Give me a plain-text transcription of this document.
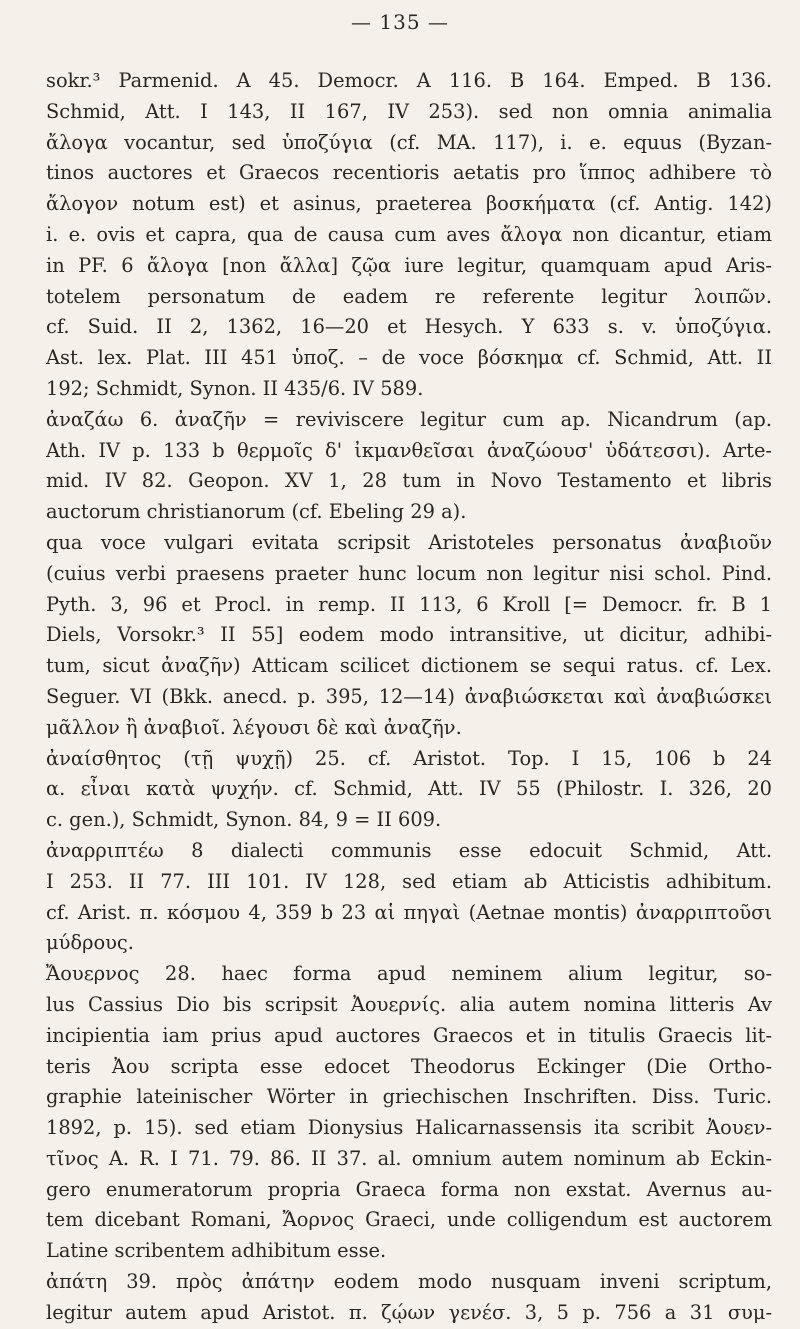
— 135 —
sokr.³ Parmenid. A 45. Democr. A 116. B 164. Emped. B 136.
Schmid, Att. I 143, II 167, IV 253). sed non omnia animalia
ἄλογα vocantur, sed ὑποζύγια (cf. MA. 117), i. e. equus (Byzan-
tinos auctores et Graecos recentioris aetatis pro ἵππος adhibere τὸ
ἄλογον notum est) et asinus, praeterea βοσκήματα (cf. Antig. 142)
i. e. ovis et capra, qua de causa cum aves ἄλογα non dicantur, etiam
in PF. 6 ἄλογα [non ἄλλα] ζῷα iure legitur, quamquam apud Aris-
totelem personatum de eadem re referente legitur λοιπῶν.
cf. Suid. II 2, 1362, 16—20 et Hesych. Y 633 s. v. ὑποζύγια.
Ast. lex. Plat. III 451 ὑποζ. – de voce βόσκημα cf. Schmid, Att. II
192; Schmidt, Synon. II 435/6. IV 589.
ἀναζάω 6. ἀναζῆν = reviviscere legitur cum ap. Nicandrum (ap.
Ath. IV p. 133 b θερμοῖς δ' ἰκμανθεῖσαι ἀναζώουσ' ὑδάτεσσι). Arte-
mid. IV 82. Geopon. XV 1, 28 tum in Novo Testamento et libris
auctorum christianorum (cf. Ebeling 29 a).
qua voce vulgari evitata scripsit Aristoteles personatus ἀναβιοῦν
(cuius verbi praesens praeter hunc locum non legitur nisi schol. Pind.
Pyth. 3, 96 et Procl. in remp. II 113, 6 Kroll [= Democr. fr. B 1
Diels, Vorsokr.³ II 55] eodem modo intransitive, ut dicitur, adhibi-
tum, sicut ἀναζῆν) Atticam scilicet dictionem se sequi ratus. cf. Lex.
Seguer. VI (Bkk. anecd. p. 395, 12—14) ἀναβιώσκεται καὶ ἀναβιώσκει
μᾶλλον ἢ ἀναβιοῖ. λέγουσι δὲ καὶ ἀναζῆν.
ἀναίσθητος (τῇ ψυχῇ) 25. cf. Aristot. Top. I 15, 106 b 24
α. εἶναι κατὰ ψυχήν. cf. Schmid, Att. IV 55 (Philostr. I. 326, 20
c. gen.), Schmidt, Synon. 84, 9 = II 609.
ἀναρριπτέω 8 dialecti communis esse edocuit Schmid, Att.
I 253. II 77. III 101. IV 128, sed etiam ab Atticistis adhibitum.
cf. Arist. π. κόσμου 4, 359 b 23 αἱ πηγαὶ (Aetnae montis) ἀναρριπτοῦσι
μύδρους.
Ἄουερνος 28. haec forma apud neminem alium legitur, so-
lus Cassius Dio bis scripsit Ἀουερνίς. alia autem nomina litteris Av
incipientia iam prius apud auctores Graecos et in titulis Graecis lit-
teris Ἀου scripta esse edocet Theodorus Eckinger (Die Ortho-
graphie lateinischer Wörter in griechischen Inschriften. Diss. Turic.
1892, p. 15). sed etiam Dionysius Halicarnassensis ita scribit Ἀουεν-
τῖνος A. R. I 71. 79. 86. II 37. al. omnium autem nominum ab Eckin-
gero enumeratorum propria Graeca forma non exstat. Avernus au-
tem dicebant Romani, Ἄορνος Graeci, unde colligendum est auctorem
Latine scribentem adhibitum esse.
ἀπάτη 39. πρὸς ἀπάτην eodem modo nusquam inveni scriptum,
legitur autem apud Aristot. π. ζῴων γενέσ. 3, 5 p. 756 a 31 συμ-
